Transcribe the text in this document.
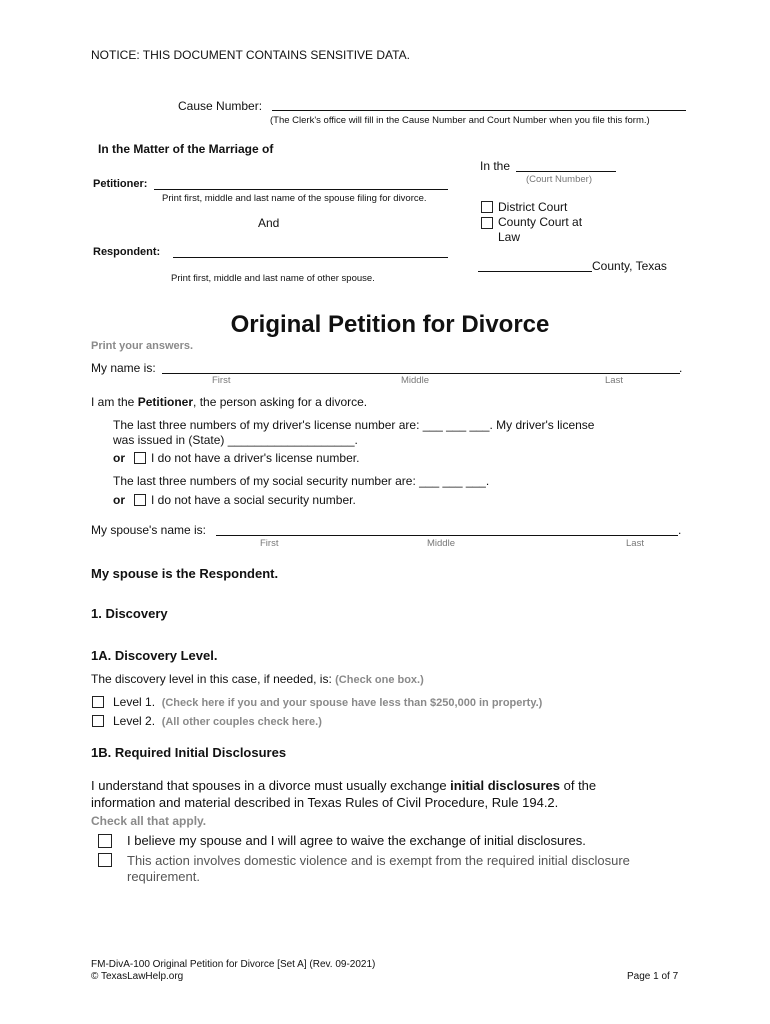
NOTICE: THIS DOCUMENT CONTAINS SENSITIVE DATA.
Cause Number:
(The Clerk's office will fill in the Cause Number and Court Number when you file this form.)
In the Matter of the Marriage of
In the
(Court Number)
District Court
County Court at
Law
County, Texas
Petitioner:
Print first, middle and last name of the spouse filing for divorce.
And
Respondent:
Print first, middle and last name of other spouse.
Original Petition for Divorce
Print your answers.
My name is:	.
First	Middle	Last
I am the Petitioner, the person asking for a divorce.
The last three numbers of my driver's license number are: ___ ___ ___. My driver's license
was issued in (State) ___________________.
or I do not have a driver's license number.
The last three numbers of my social security number are: ___ ___ ___.
or I do not have a social security number.
My spouse's name is:	.
First	Middle	Last
My spouse is the Respondent.
1. Discovery
1A. Discovery Level.
The discovery level in this case, if needed, is: (Check one box.)
Level 1. (Check here if you and your spouse have less than $250,000 in property.)
Level 2. (All other couples check here.)
1B. Required Initial Disclosures
I understand that spouses in a divorce must usually exchange initial disclosures of the
information and material described in Texas Rules of Civil Procedure, Rule 194.2.
Check all that apply.
I believe my spouse and I will agree to waive the exchange of initial disclosures.
This action involves domestic violence and is exempt from the required initial disclosure
requirement.
FM-DivA-100 Original Petition for Divorce [Set A] (Rev. 09-2021)
© TexasLawHelp.org	Page 1 of 7
